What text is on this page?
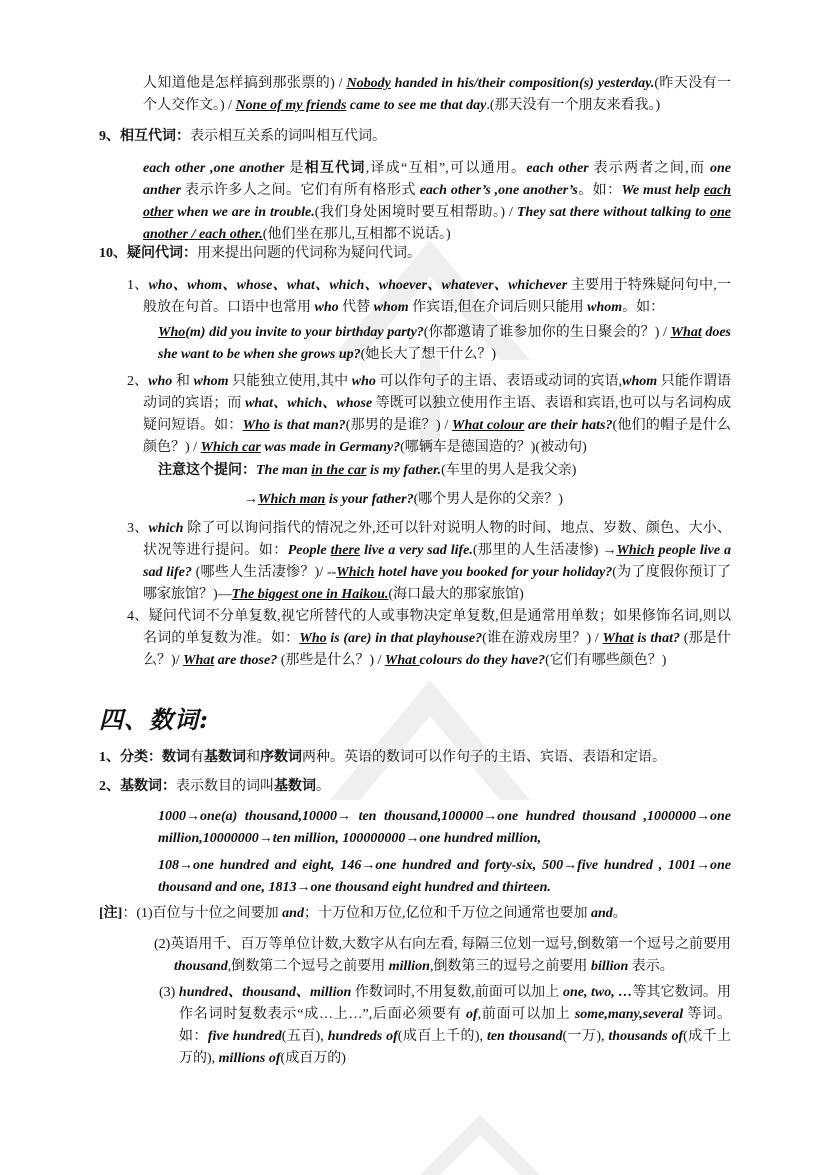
人知道他是怎样搞到那张票的) / Nobody handed in his/their composition(s) yesterday.(昨天没有一个人交作文。) / None of my friends came to see me that day.(那天没有一个朋友来看我。)
9、相互代词：表示相互关系的词叫相互代词。
each other ,one another 是相互代词,译成“互相”,可以通用。each other 表示两者之间,而 one anther 表示许多人之间。它们有所有格形式 each other’s ,one another’s。如：We must help each other when we are in trouble.(我们身处困境时要互相帮助。) / They sat there without talking to one another / each other.(他们坐在那儿,互相都不说话。)
10、疑问代词：用来提出问题的代词称为疑问代词。
1、who、whom、whose、what、which、whoever、whatever、whichever 主要用于特殊疑问句中,一般放在句首。口语中也常用 who 代替 whom 作宾语,但在介词后则只能用 whom。如：
Who(m) did you invite to your birthday party?(你都邀请了谁参加你的生日聚会的？) / What does she want to be when she grows up?(她长大了想干什么？)
2、who 和 whom 只能独立使用,其中 who 可以作句子的主语、表语或动词的宾语,whom 只能作谓语动词的宾语；而 what、which、whose 等既可以独立使用作主语、表语和宾语,也可以与名词构成疑问短语。如：Who is that man?(那男的是谁？) / What colour are their hats?(他们的帽子是什么颜色？) / Which car was made in Germany?(哪辆车是德国造的？)(被动句)
注意这个提问：The man in the car is my father.(车里的男人是我父亲)
→Which man is your father?(哪个男人是你的父亲？)
3、which 除了可以询问指代的情况之外,还可以针对说明人物的时间、地点、岁数、颜色、大小、状况等进行提问。如：People there live a very sad life.(那里的人生活凄惨) →Which people live a sad life? (哪些人生活凄惨？)/ --Which hotel have you booked for your holiday?(为了度假你预订了哪家旅馆？)—The biggest one in Haikou.(海口最大的那家旅馆)
4、疑问代词不分单复数,视它所替代的人或事物决定单复数,但是通常用单数；如果修饰名词,则以名词的单复数为准。如：Who is (are) in that playhouse?(谁在游戏房里？) / What is that? (那是什么？)/ What are those? (那些是什么？) / What colours do they have?(它们有哪些颜色？)
四、数词:
1、分类：数词有基数词和序数词两种。英语的数词可以作句子的主语、宾语、表语和定语。
2、基数词：表示数目的词叫基数词。
1000→one(a) thousand,10000→ ten thousand,100000→one hundred thousand ,1000000→one million,10000000→ten million, 100000000→one hundred million,
108→one hundred and eight, 146→one hundred and forty-six, 500→five hundred , 1001→one thousand and one, 1813→one thousand eight hundred and thirteen.
[注]：(1)百位与十位之间要加 and；十万位和万位,亿位和千万位之间通常也要加 and。
(2)英语用千、百万等单位计数,大数字从右向左看, 每隔三位划一逗号,倒数第一个逗号之前要用 thousand,倒数第二个逗号之前要用 million,倒数第三的逗号之前要用 billion 表示。
(3) hundred、thousand、million 作数词时,不用复数,前面可以加上 one, two, …等其它数词。用作名词时复数表示“成…上…”,后面必须要有 of,前面可以加上 some,many,several 等词。如：five hundred(五百), hundreds of(成百上千的), ten thousand(一万), thousands of(成千上万的), millions of(成百万的)
